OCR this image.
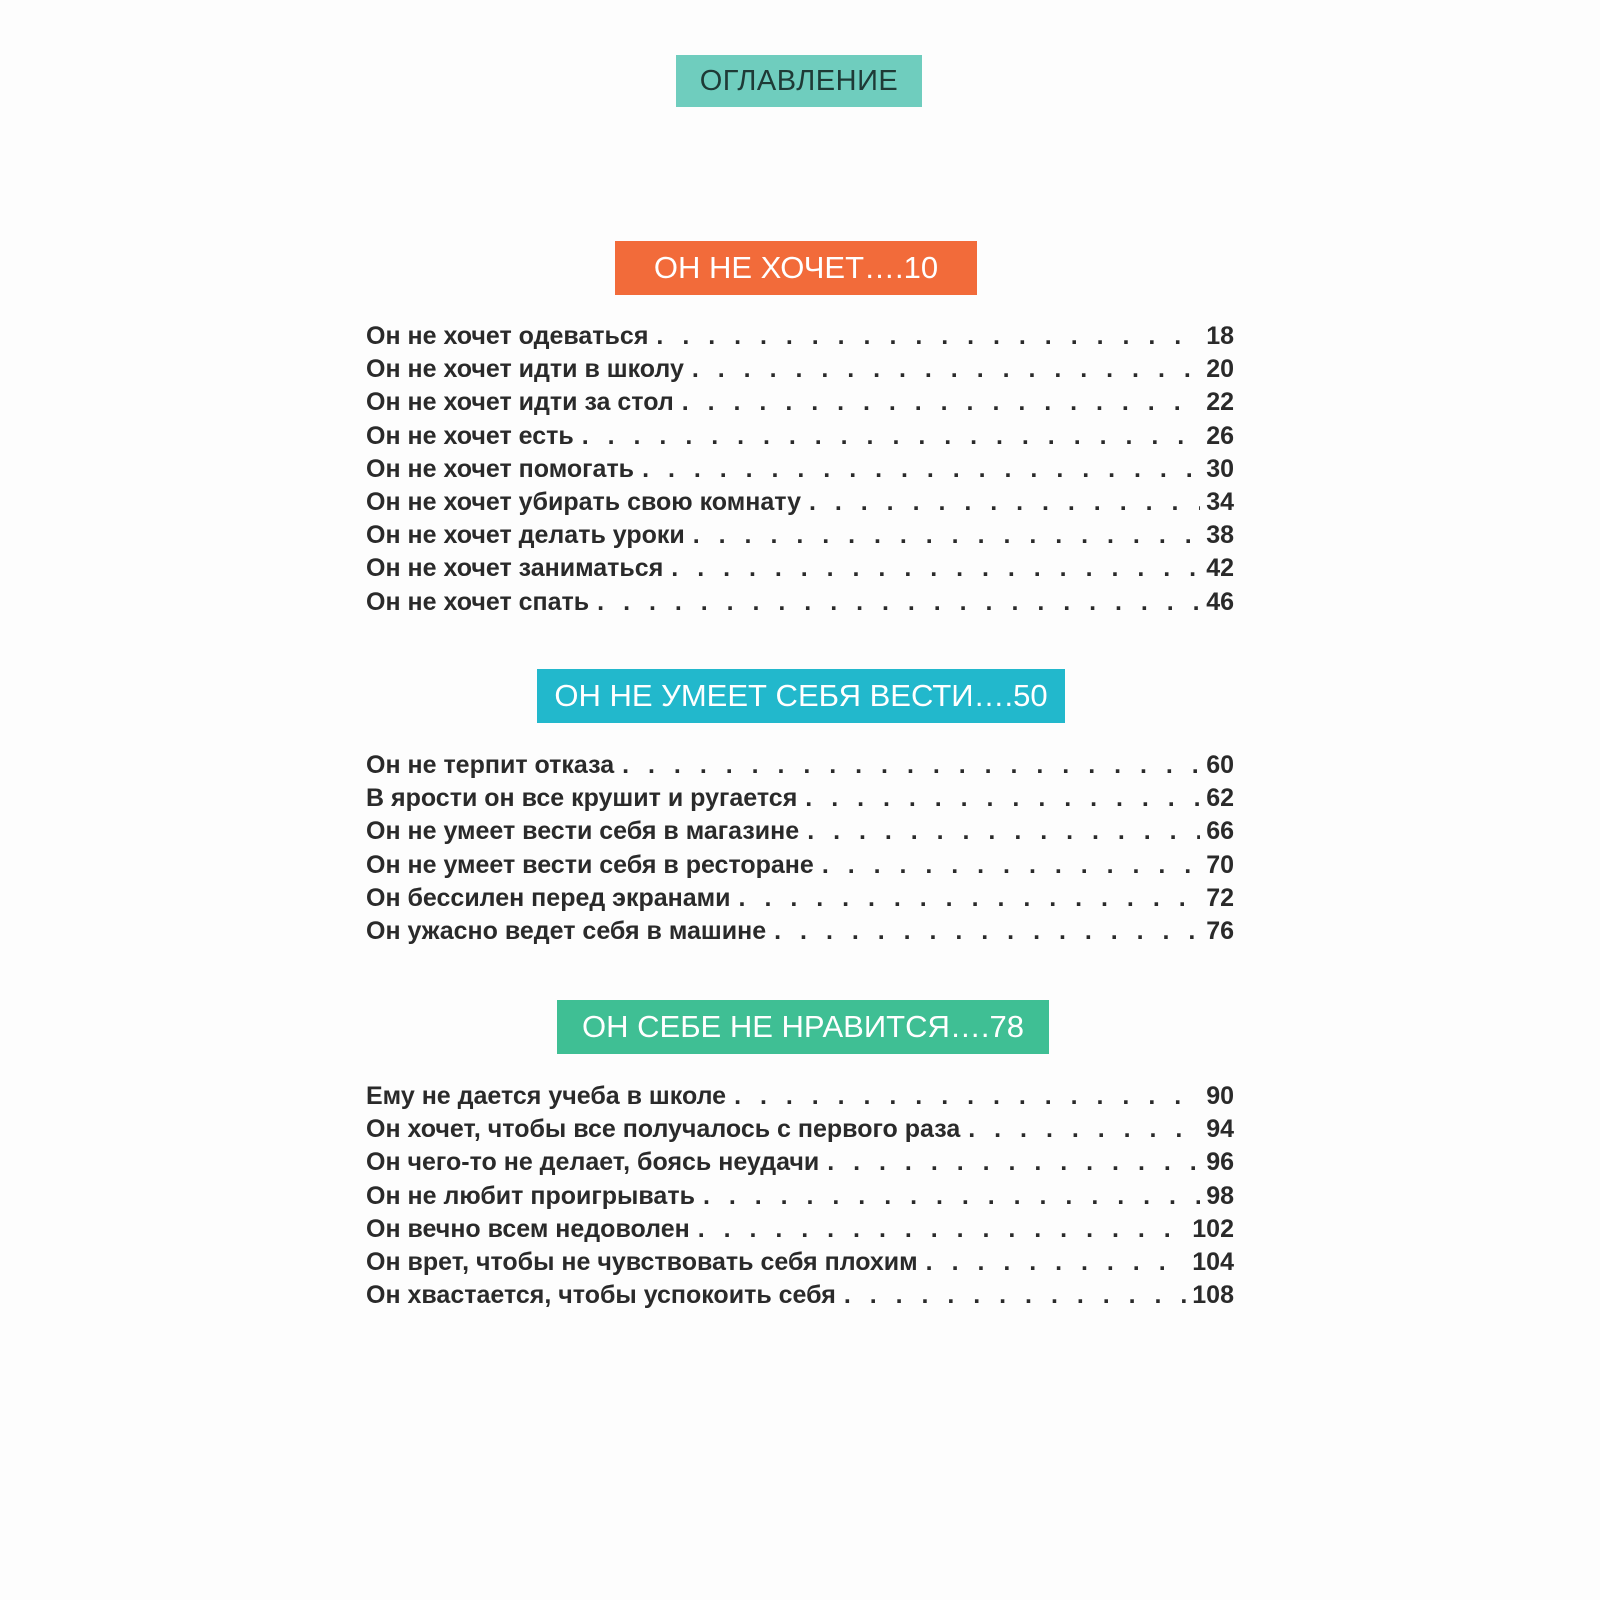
ОГЛАВЛЕНИЕ
ОН НЕ ХОЧЕТ….10
Он не хочет одеваться . . .	18
Он не хочет идти в школу . . .	20
Он не хочет идти за стол . . .	22
Он не хочет есть . . .	26
Он не хочет помогать . . .	30
Он не хочет убирать свою комнату . . .	34
Он не хочет делать уроки . . .	38
Он не хочет заниматься . . .	42
Он не хочет спать . . .	46
ОН НЕ УМЕЕТ СЕБЯ ВЕСТИ….50
Он не терпит отказа . . .	60
В ярости он все крушит и ругается . . .	62
Он не умеет вести себя в магазине . . .	66
Он не умеет вести себя в ресторане . . .	70
Он бессилен перед экранами . . .	72
Он ужасно ведет себя в машине . . .	76
ОН СЕБЕ НЕ НРАВИТСЯ….78
Ему не дается учеба в школе . . .	90
Он хочет, чтобы все получалось с первого раза . . .	94
Он чего-то не делает, боясь неудачи . . .	96
Он не любит проигрывать . . .	98
Он вечно всем недоволен . . .	102
Он врет, чтобы не чувствовать себя плохим . . .	104
Он хвастается, чтобы успокоить себя . . .	108
